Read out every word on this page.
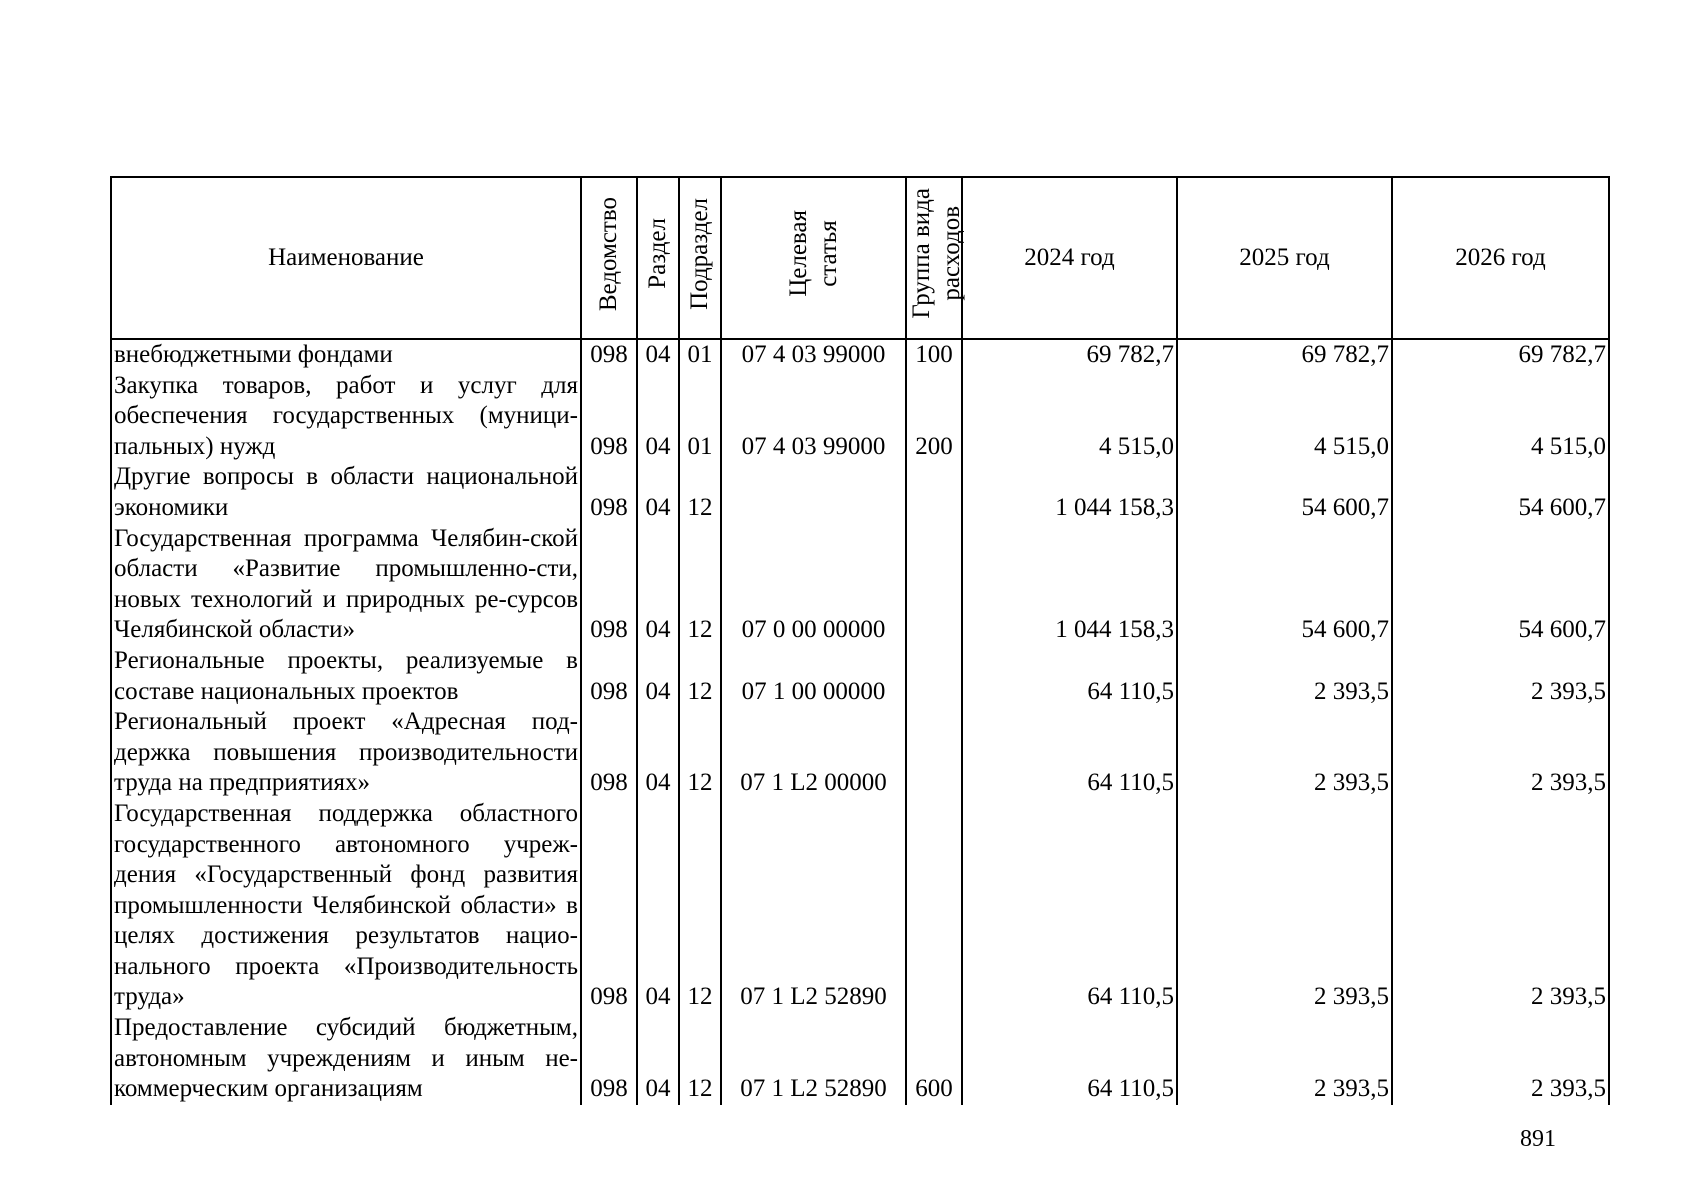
Наименование	Ведомство	Раздел	Подраздел	Целевая статья	Группа вида расходов	2024 год	2025 год	2026 год
внебюджетными фондами	098	04	01	07 4 03 99000	100	69 782,7	69 782,7	69 782,7
Закупка товаров, работ и услуг для обеспечения государственных (муници-пальных) нужд	098	04	01	07 4 03 99000	200	4 515,0	4 515,0	4 515,0
Другие вопросы в области национальной экономики	098	04	12			1 044 158,3	54 600,7	54 600,7
Государственная программа Челябин-ской области «Развитие промышленно-сти, новых технологий и природных ре-сурсов Челябинской области»	098	04	12	07 0 00 00000		1 044 158,3	54 600,7	54 600,7
Региональные проекты, реализуемые в составе национальных проектов	098	04	12	07 1 00 00000		64 110,5	2 393,5	2 393,5
Региональный проект «Адресная под-держка повышения производительности труда на предприятиях»	098	04	12	07 1 L2 00000		64 110,5	2 393,5	2 393,5
Государственная поддержка областного государственного автономного учреж-дения «Государственный фонд развития промышленности Челябинской области» в целях достижения результатов нацио-нального проекта «Производительность труда»	098	04	12	07 1 L2 52890		64 110,5	2 393,5	2 393,5
Предоставление субсидий бюджетным, автономным учреждениям и иным не-коммерческим организациям	098	04	12	07 1 L2 52890	600	64 110,5	2 393,5	2 393,5
891
